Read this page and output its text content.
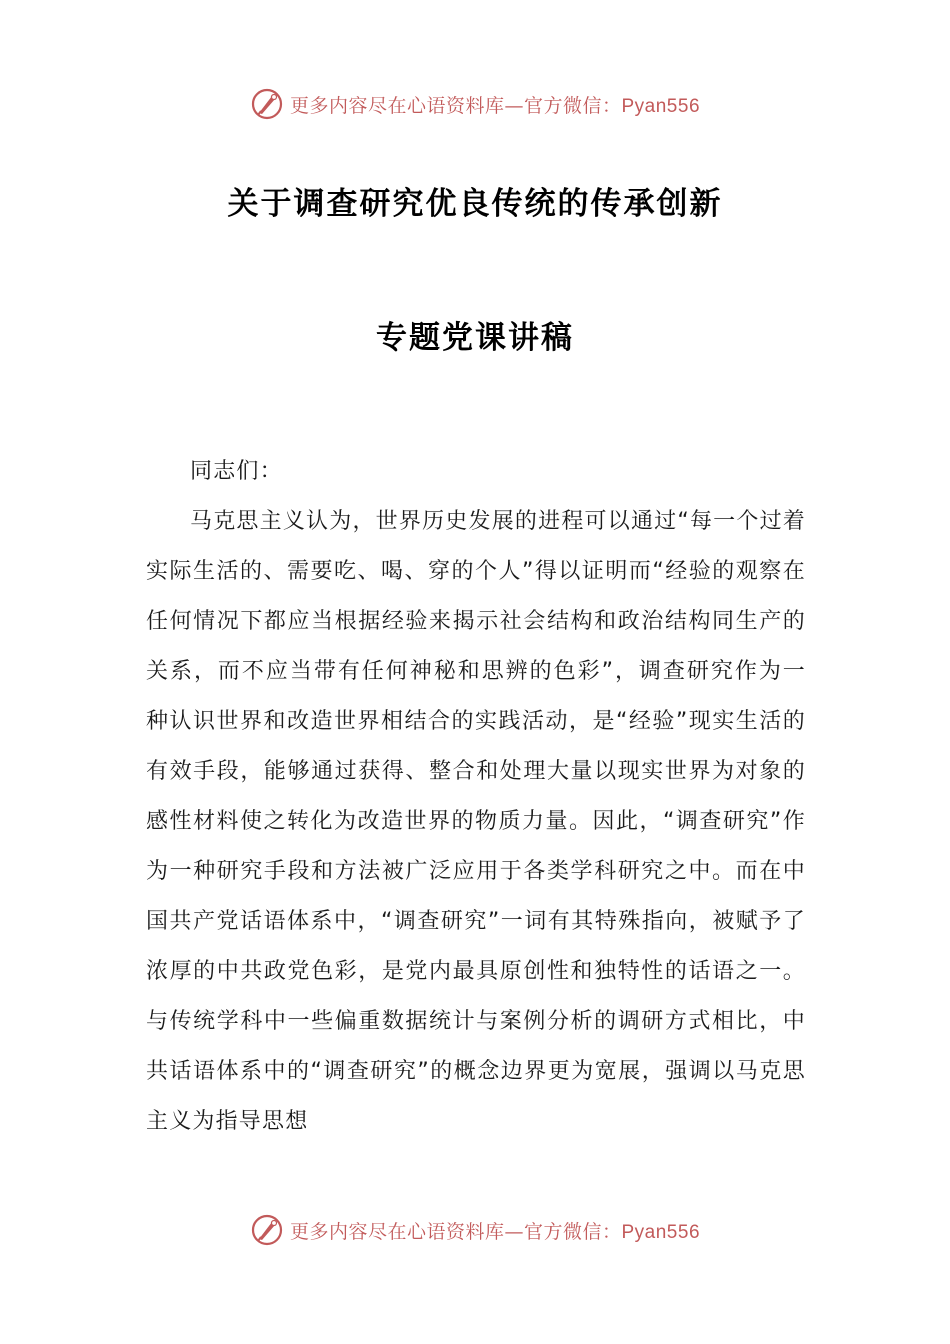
更多内容尽在心语资料库—官方微信：Pyan556
关于调查研究优良传统的传承创新
专题党课讲稿

同志们：

马克思主义认为，世界历史发展的进程可以通过“每一个过着实际生活的、需要吃、喝、穿的个人”得以证明而“经验的观察在任何情况下都应当根据经验来揭示社会结构和政治结构同生产的关系，而不应当带有任何神秘和思辨的色彩”，调查研究作为一种认识世界和改造世界相结合的实践活动，是“经验”现实生活的有效手段，能够通过获得、整合和处理大量以现实世界为对象的感性材料使之转化为改造世界的物质力量。因此，“调查研究”作为一种研究手段和方法被广泛应用于各类学科研究之中。而在中国共产党话语体系中，“调查研究”一词有其特殊指向，被赋予了浓厚的中共政党色彩，是党内最具原创性和独特性的话语之一。与传统学科中一些偏重数据统计与案例分析的调研方式相比，中共话语体系中的“调查研究”的概念边界更为宽展，强调以马克思主义为指导思想

更多内容尽在心语资料库—官方微信：Pyan556
